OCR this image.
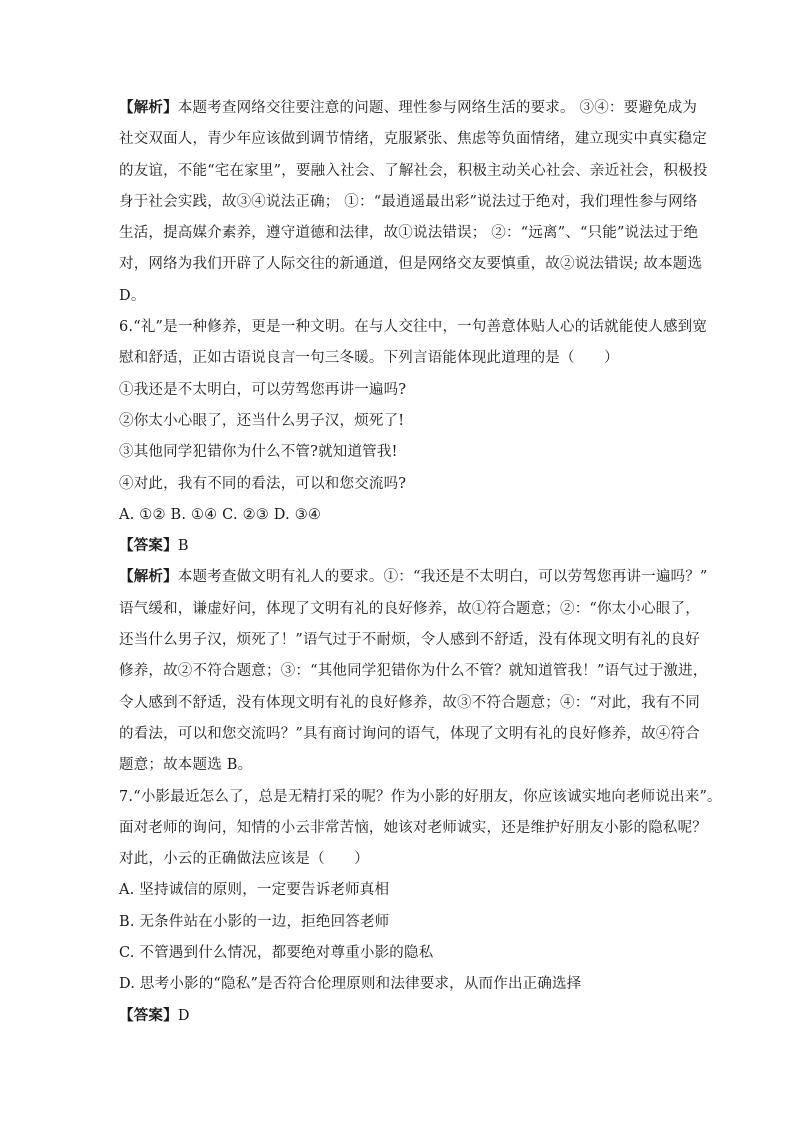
【解析】本题考查网络交往要注意的问题、理性参与网络生活的要求。 ③④：要避免成为
社交双面人，青少年应该做到调节情绪，克服紧张、焦虑等负面情绪，建立现实中真实稳定
的友谊，不能“宅在家里”，要融入社会、了解社会，积极主动关心社会、亲近社会，积极投
身于社会实践，故③④说法正确； ①：“最逍遥最出彩”说法过于绝对，我们理性参与网络
生活，提高媒介素养，遵守道德和法律，故①说法错误； ②：“远离”、“只能”说法过于绝
对，网络为我们开辟了人际交往的新通道，但是网络交友要慎重，故②说法错误; 故本题选
D。
6.“礼”是一种修养，更是一种文明。在与人交往中，一句善意体贴人心的话就能使人感到宽
慰和舒适，正如古语说良言一句三冬暖。下列言语能体现此道理的是（　　）
①我还是不太明白，可以劳驾您再讲一遍吗?
②你太小心眼了，还当什么男子汉，烦死了!
③其他同学犯错你为什么不管?就知道管我!
④对此，我有不同的看法，可以和您交流吗?
A. ①② B. ①④ C. ②③ D. ③④
【答案】B
【解析】本题考查做文明有礼人的要求。①：“我还是不太明白，可以劳驾您再讲一遍吗？”
语气缓和，谦虚好问，体现了文明有礼的良好修养，故①符合题意；②：“你太小心眼了，
还当什么男子汉，烦死了！”语气过于不耐烦，令人感到不舒适，没有体现文明有礼的良好
修养，故②不符合题意；③：“其他同学犯错你为什么不管？就知道管我！”语气过于激进，
令人感到不舒适，没有体现文明有礼的良好修养，故③不符合题意；④：“对此，我有不同
的看法，可以和您交流吗？”具有商讨询问的语气，体现了文明有礼的良好修养，故④符合
题意；故本题选 B。
7.“小影最近怎么了，总是无精打采的呢？作为小影的好朋友，你应该诚实地向老师说出来”。
面对老师的询问，知情的小云非常苦恼，她该对老师诚实，还是维护好朋友小影的隐私呢？
对此，小云的正确做法应该是（　　）
A. 坚持诚信的原则，一定要告诉老师真相
B. 无条件站在小影的一边，拒绝回答老师
C. 不管遇到什么情况，都要绝对尊重小影的隐私
D. 思考小影的“隐私”是否符合伦理原则和法律要求，从而作出正确选择
【答案】D
